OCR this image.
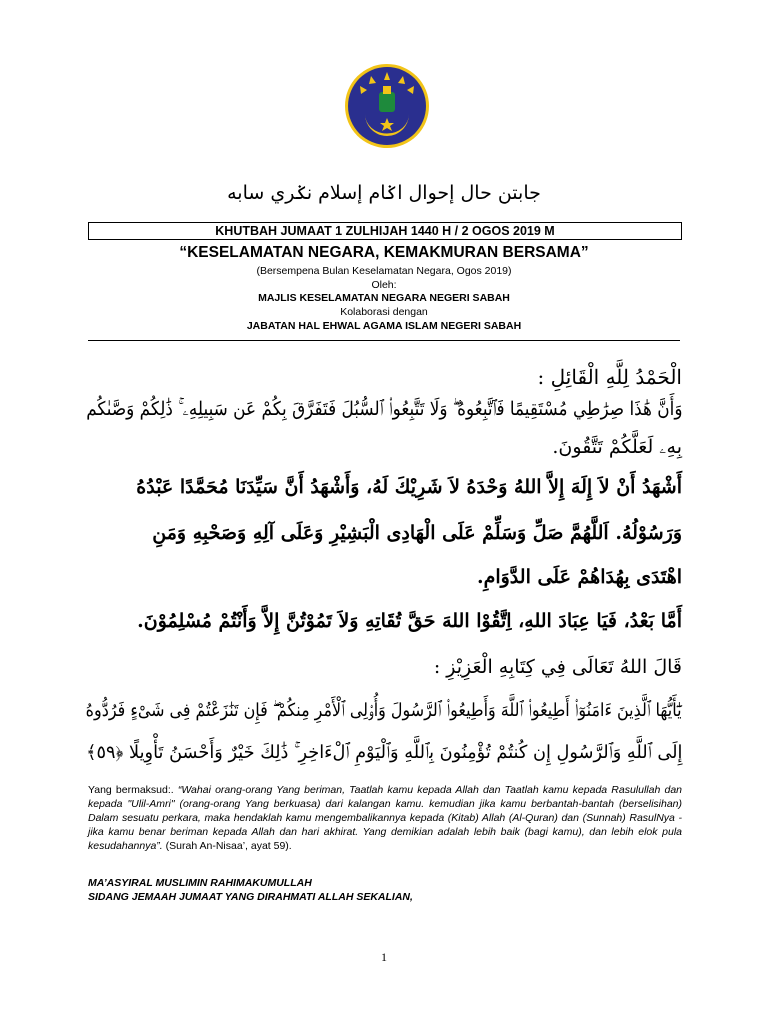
جابتن حال إحوال اݢام إسلام نݢري سابه
KHUTBAH JUMAAT 1 ZULHIJAH 1440 H / 2 OGOS 2019 M
“KESELAMATAN NEGARA, KEMAKMURAN BERSAMA”
(Bersempena Bulan Keselamatan Negara, Ogos 2019)
Oleh:
MAJLIS KESELAMATAN NEGARA NEGERI SABAH
Kolaborasi dengan
JABATAN HAL EHWAL AGAMA ISLAM NEGERI SABAH
الْحَمْدُ لِلَّهِ الْقَائِلِ :
وَأَنَّ هَٰذَا صِرَٰطِي مُسْتَقِيمًا فَٱتَّبِعُوهُ ۖ وَلَا تَتَّبِعُوا۟ ٱلسُّبُلَ فَتَفَرَّقَ بِكُمْ عَن سَبِيلِهِۦ ۚ ذَٰلِكُمْ وَصَّىٰكُم
بِهِۦ لَعَلَّكُمْ تَتَّقُونَ.
أَشْهَدُ أَنْ لاَ إِلَهَ إِلاَّ اللهُ وَحْدَهُ لاَ شَرِيْكَ لَهُ، وَأَشْهَدُ أَنَّ سَيِّدَنَا مُحَمَّدًا عَبْدُهُ
وَرَسُوْلُهُ. اَللَّهُمَّ صَلِّ وَسَلِّمْ عَلَى الْهَادِى الْبَشِيْرِ وَعَلَى آلِهِ وَصَحْبِهِ وَمَنِ
اهْتَدَى بِهُدَاهُمْ عَلَى الدَّوَامِ.
أَمَّا بَعْدُ، فَيَا عِبَادَ اللهِ، اِتَّقُوْا اللهَ حَقَّ تُقَاتِهِ وَلاَ تَمُوْتُنَّ إِلاَّ وَأَنْتُمْ مُسْلِمُوْنَ.
قَالَ اللهُ تَعَالَى فِي كِتَابِهِ الْعَزِيْزِ :
يَٰٓأَيُّهَا ٱلَّذِينَ ءَامَنُوٓا۟ أَطِيعُوا۟ ٱللَّهَ وَأَطِيعُوا۟ ٱلرَّسُولَ وَأُو۟لِى ٱلْأَمْرِ مِنكُمْ ۖ فَإِن تَنَٰزَعْتُمْ فِى شَىْءٍ فَرُدُّوهُ
إِلَى ٱللَّهِ وَٱلرَّسُولِ إِن كُنتُمْ تُؤْمِنُونَ بِٱللَّهِ وَٱلْيَوْمِ ٱلْءَاخِرِ ۚ ذَٰلِكَ خَيْرٌ وَأَحْسَنُ تَأْوِيلًا ﴿٥٩﴾
Yang bermaksud:. “Wahai orang-orang Yang beriman, Taatlah kamu kepada Allah dan Taatlah kamu kepada Rasulullah dan kepada "Ulil-Amri" (orang-orang Yang berkuasa) dari kalangan kamu. kemudian jika kamu berbantah-bantah (berselisihan) Dalam sesuatu perkara, maka hendaklah kamu mengembalikannya kepada (Kitab) Allah (Al-Quran) dan (Sunnah) RasulNya - jika kamu benar beriman kepada Allah dan hari akhirat. Yang demikian adalah lebih baik (bagi kamu), dan lebih elok pula kesudahannya”. (Surah An-Nisaa’, ayat 59).
MA’ASYIRAL MUSLIMIN RAHIMAKUMULLAH
SIDANG JEMAAH JUMAAT YANG DIRAHMATI ALLAH SEKALIAN,
1
